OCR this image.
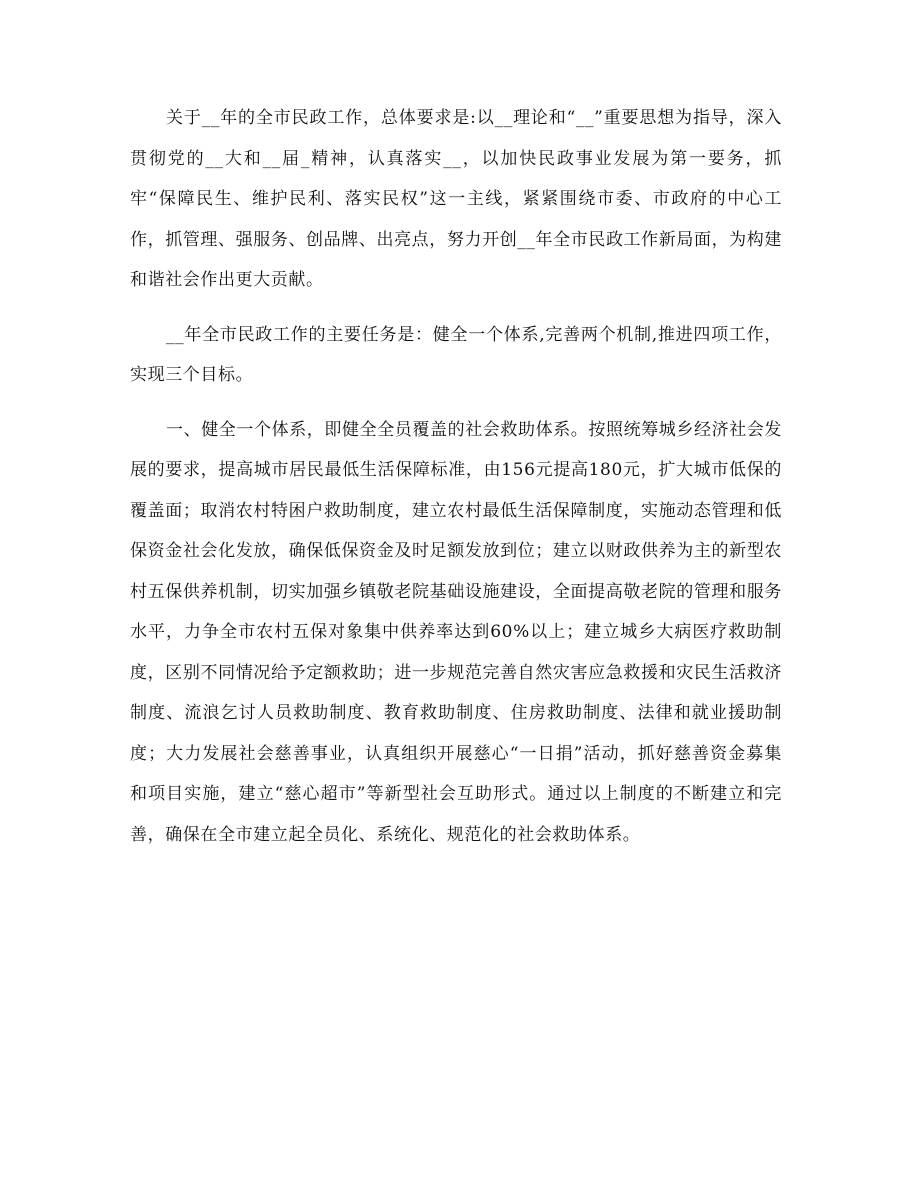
关于__年的全市民政工作，总体要求是:以__理论和“__”重要思想为指导，深入贯彻党的__大和__届_精神，认真落实__，以加快民政事业发展为第一要务，抓牢“保障民生、维护民利、落实民权”这一主线，紧紧围绕市委、市政府的中心工作，抓管理、强服务、创品牌、出亮点，努力开创__年全市民政工作新局面，为构建和谐社会作出更大贡献。

__年全市民政工作的主要任务是：健全一个体系,完善两个机制,推进四项工作，实现三个目标。

一、健全一个体系，即健全全员覆盖的社会救助体系。按照统筹城乡经济社会发展的要求，提高城市居民最低生活保障标准，由156元提高180元，扩大城市低保的覆盖面；取消农村特困户救助制度，建立农村最低生活保障制度，实施动态管理和低保资金社会化发放，确保低保资金及时足额发放到位；建立以财政供养为主的新型农村五保供养机制，切实加强乡镇敬老院基础设施建设，全面提高敬老院的管理和服务水平，力争全市农村五保对象集中供养率达到60%以上；建立城乡大病医疗救助制度，区别不同情况给予定额救助；进一步规范完善自然灾害应急救援和灾民生活救济制度、流浪乞讨人员救助制度、教育救助制度、住房救助制度、法律和就业援助制度；大力发展社会慈善事业，认真组织开展慈心“一日捐”活动，抓好慈善资金募集和项目实施，建立“慈心超市”等新型社会互助形式。通过以上制度的不断建立和完善，确保在全市建立起全员化、系统化、规范化的社会救助体系。
